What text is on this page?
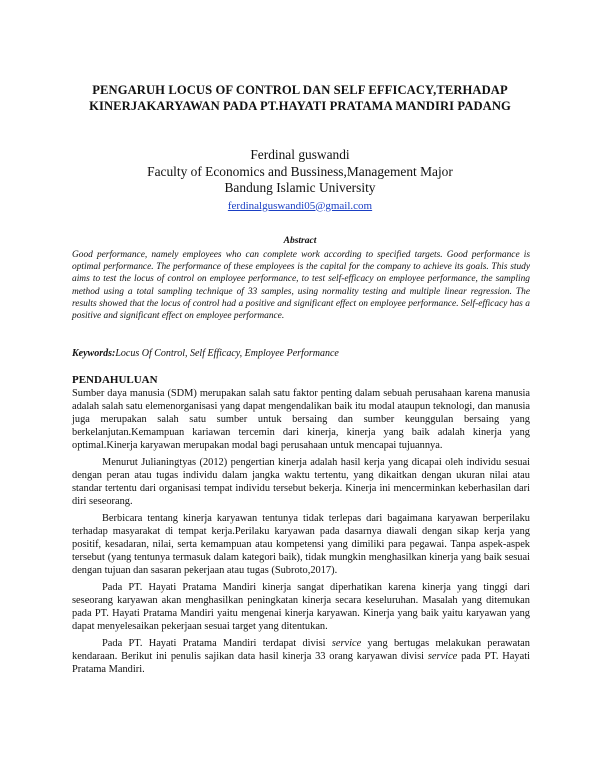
PENGARUH LOCUS OF CONTROL DAN SELF EFFICACY,TERHADAP KINERJAKARYAWAN PADA PT.HAYATI PRATAMA MANDIRI PADANG
Ferdinal guswandi
Faculty of Economics and Bussiness,Management Major
Bandung Islamic University
ferdinalguswandi05@gmail.com
Abstract
Good performance, namely employees who can complete work according to specified targets. Good performance is optimal performance. The performance of these employees is the capital for the company to achieve its goals. This study aims to test the locus of control on employee performance, to test self-efficacy on employee performance, the sampling method using a total sampling technique of 33 samples, using normality testing and multiple linear regression. The results showed that the locus of control had a positive and significant effect on employee performance. Self-efficacy has a positive and significant effect on employee performance.
Keywords:Locus Of Control, Self Efficacy, Employee Performance
PENDAHULUAN

Sumber daya manusia (SDM) merupakan salah satu faktor penting dalam sebuah perusahaan karena manusia adalah salah satu elemenorganisasi yang dapat mengendalikan baik itu modal ataupun teknologi, dan manusia juga merupakan salah satu sumber untuk bersaing dan sumber keunggulan bersaing yang berkelanjutan.Kemampuan kariawan tercemin dari kinerja, kinerja yang baik adalah kinerja yang optimal.Kinerja karyawan merupakan modal bagi perusahaan untuk mencapai tujuannya.

Menurut Julianingtyas (2012) pengertian kinerja adalah hasil kerja yang dicapai oleh individu sesuai dengan peran atau tugas individu dalam jangka waktu tertentu, yang dikaitkan dengan ukuran nilai atau standar tertentu dari organisasi tempat individu tersebut bekerja. Kinerja ini mencerminkan keberhasilan dari diri seseorang.

Berbicara tentang kinerja karyawan tentunya tidak terlepas dari bagaimana karyawan berperilaku terhadap masyarakat di tempat kerja.Perilaku karyawan pada dasarnya diawali dengan sikap kerja yang positif, kesadaran, nilai, serta kemampuan atau kompetensi yang dimiliki para pegawai. Tanpa aspek-aspek tersebut (yang tentunya termasuk dalam kategori baik), tidak mungkin menghasilkan kinerja yang baik sesuai dengan tujuan dan sasaran pekerjaan atau tugas (Subroto,2017).

Pada PT. Hayati Pratama Mandiri kinerja sangat diperhatikan karena kinerja yang tinggi dari seseorang karyawan akan menghasilkan peningkatan kinerja secara keseluruhan. Masalah yang ditemukan pada PT. Hayati Pratama Mandiri yaitu mengenai kinerja karyawan. Kinerja yang baik yaitu karyawan yang dapat menyelesaikan pekerjaan sesuai target yang ditentukan.

Pada PT. Hayati Pratama Mandiri terdapat divisi service yang bertugas melakukan perawatan kendaraan. Berikut ini penulis sajikan data hasil kinerja 33 orang karyawan divisi service pada PT. Hayati Pratama Mandiri.
